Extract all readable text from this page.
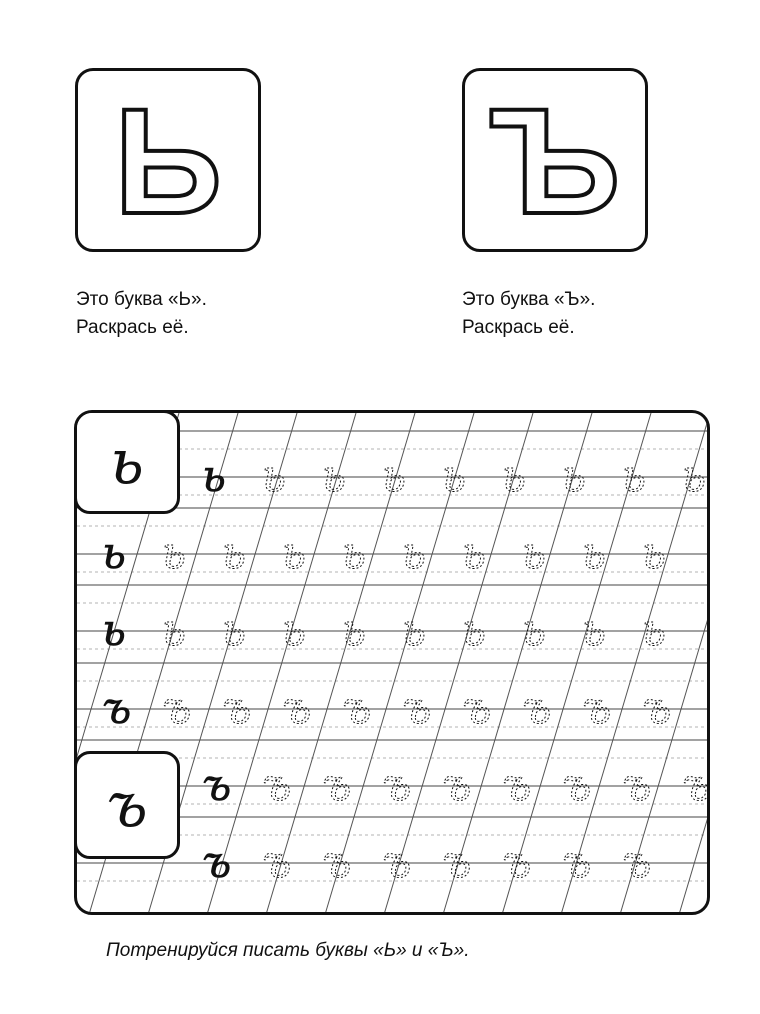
Ь Ъ
Это буква «Ь».
Раскрась её.
Это буква «Ъ».
Раскрась её.
ь ь ь ь ь ь ь ь ь
ь ь ь ь ь ь ь ь ь ь
ь ь ь ь ь ь ь ь ь ь
ъ ъ ъ ъ ъ ъ ъ ъ ъ ъ
ъ ъ ъ ъ ъ ъ ъ ъ ъ
ъ ъ ъ ъ ъ ъ ъ ъ
ь
ъ
Потренируйся писать буквы «Ь» и «Ъ».
